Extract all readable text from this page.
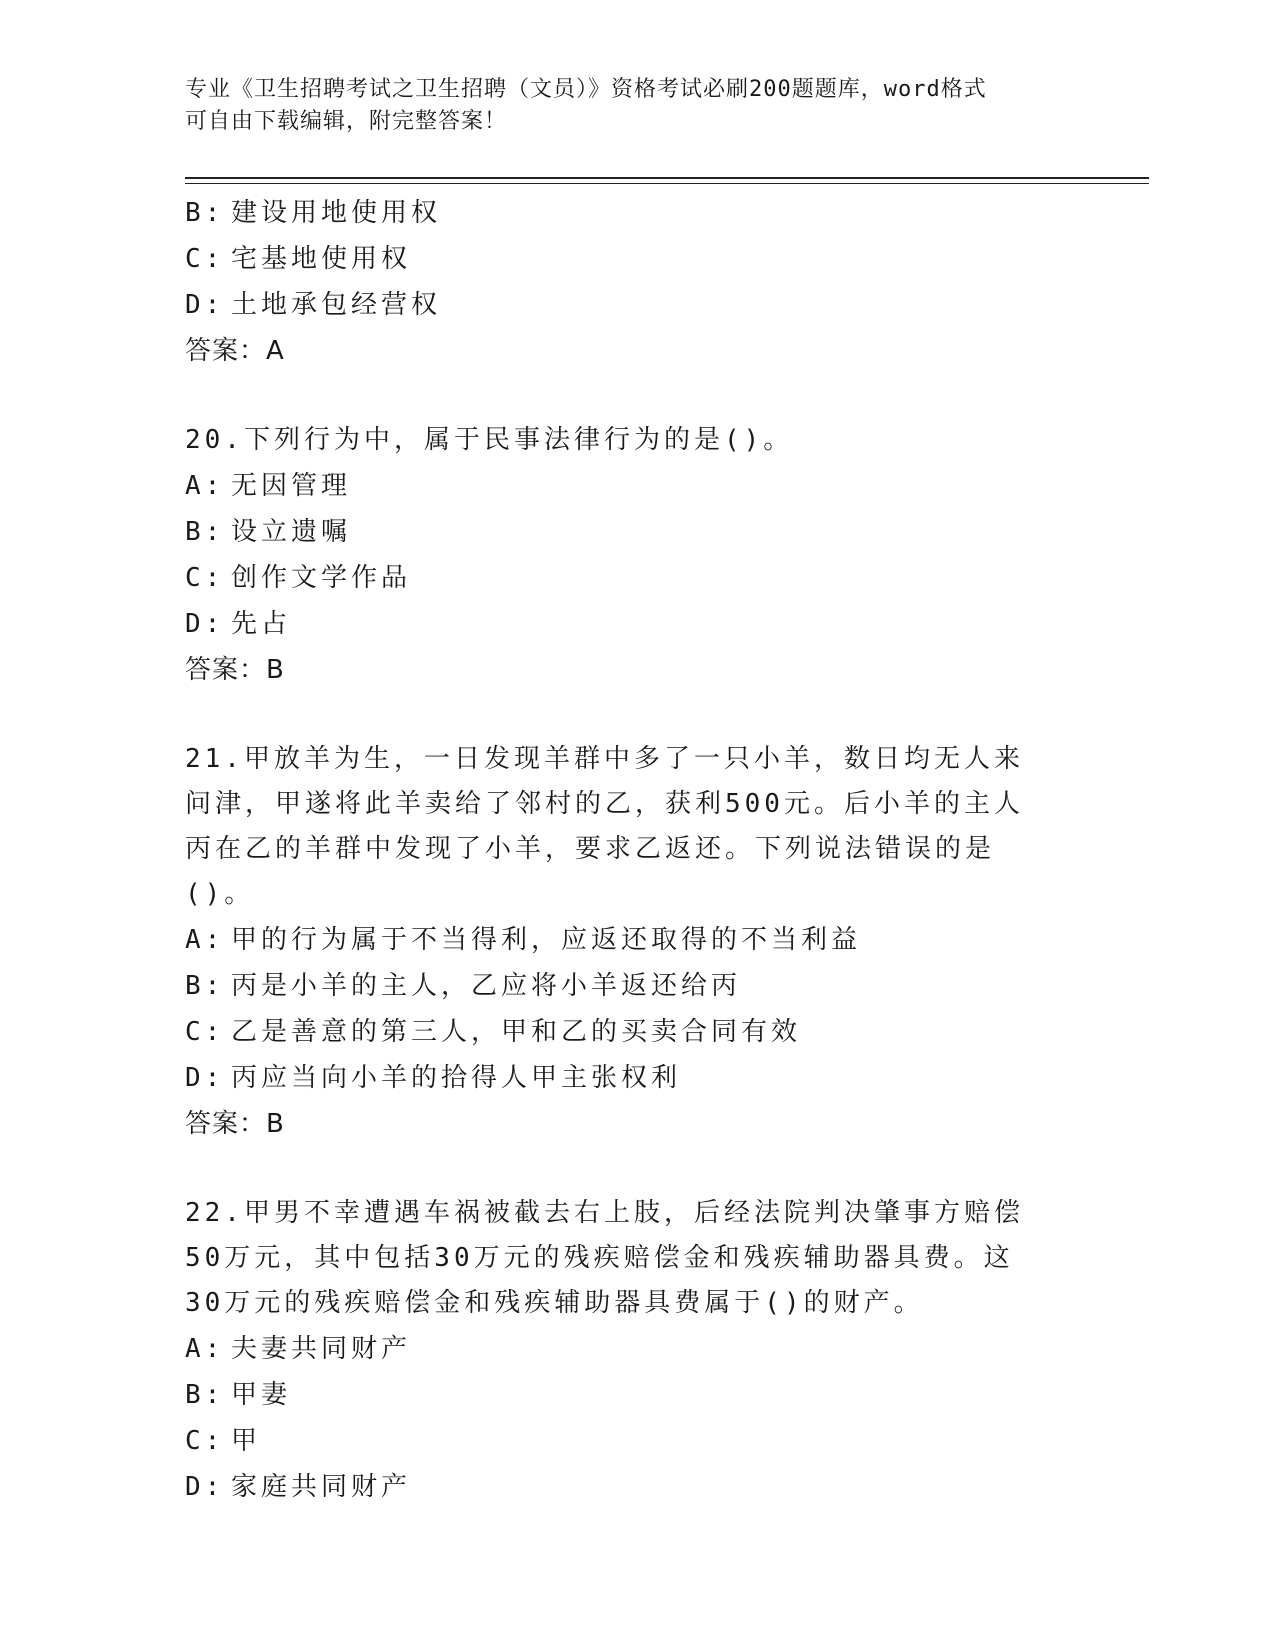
专业《卫生招聘考试之卫生招聘（文员）》资格考试必刷200题题库，word格式
可自由下载编辑，附完整答案！
B: 建设用地使用权
C: 宅基地使用权
D: 土地承包经营权
答案：A
20.下列行为中，属于民事法律行为的是()。
A: 无因管理
B: 设立遗嘱
C: 创作文学作品
D: 先占
答案：B
21.甲放羊为生，一日发现羊群中多了一只小羊，数日均无人来问津，甲遂将此羊卖给了邻村的乙，获利500元。后小羊的主人丙在乙的羊群中发现了小羊，要求乙返还。下列说法错误的是()。
A: 甲的行为属于不当得利，应返还取得的不当利益
B: 丙是小羊的主人，乙应将小羊返还给丙
C: 乙是善意的第三人，甲和乙的买卖合同有效
D: 丙应当向小羊的拾得人甲主张权利
答案：B
22.甲男不幸遭遇车祸被截去右上肢，后经法院判决肇事方赔偿50万元，其中包括30万元的残疾赔偿金和残疾辅助器具费。这30万元的残疾赔偿金和残疾辅助器具费属于()的财产。
A: 夫妻共同财产
B: 甲妻
C: 甲
D: 家庭共同财产
